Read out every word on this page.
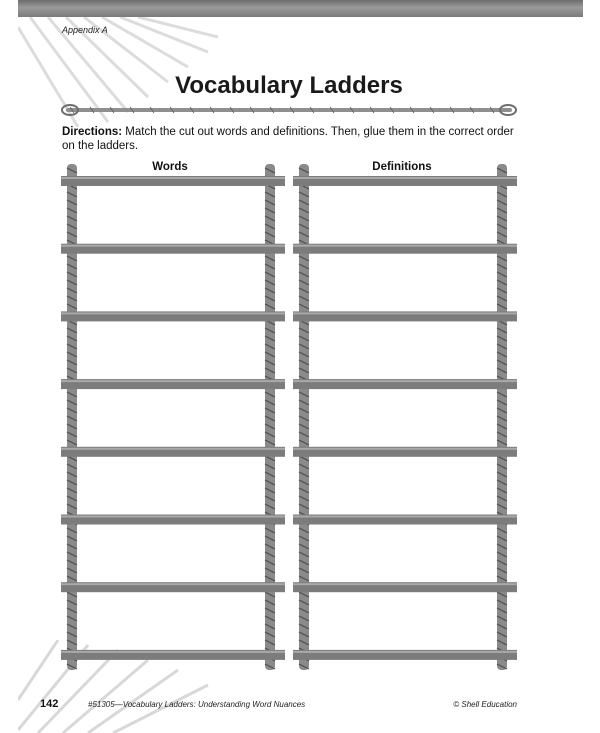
Appendix A
Vocabulary Ladders
Directions: Match the cut out words and definitions. Then, glue them in the correct order on the ladders.
Words	Definitions
142	#51305—Vocabulary Ladders: Understanding Word Nuances	© Shell Education
